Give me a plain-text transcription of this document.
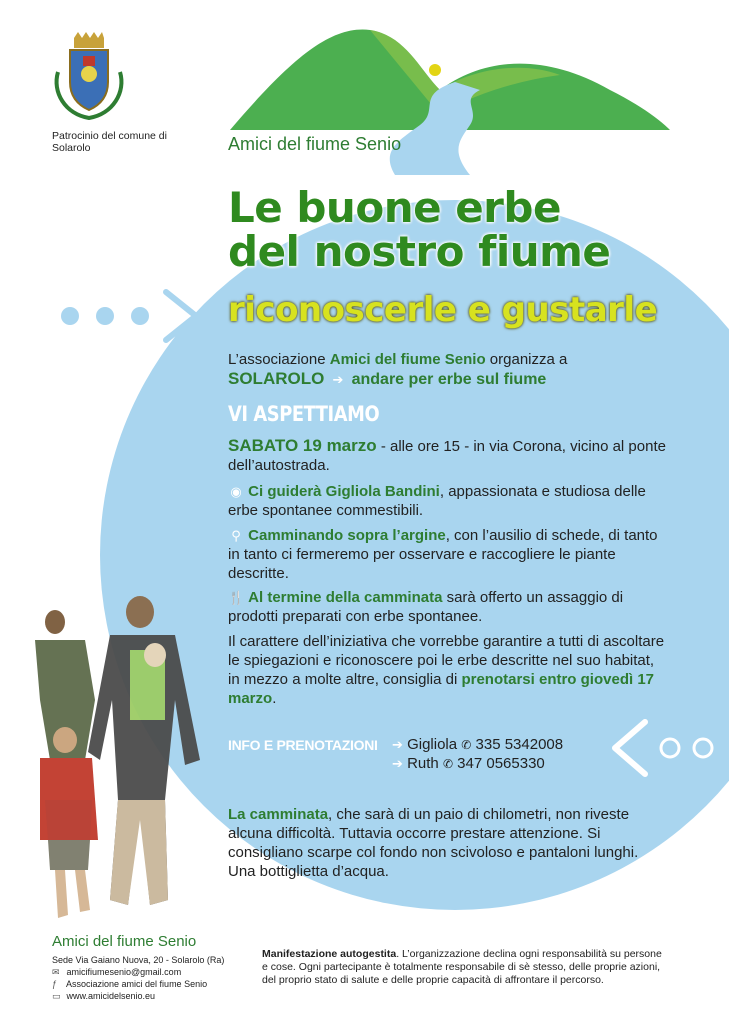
Patrocinio del comune di Solarolo	Amici del fiume Senio
Le buone erbe
del nostro fiume
riconoscerle e gustarle
L’associazione Amici del fiume Senio organizza a
SOLAROLO ➔ andare per erbe sul fiume
VI ASPETTIAMO
SABATO 19 marzo - alle ore 15 - in via Corona, vicino al ponte dell’autostrada.
◉ Ci guiderà Gigliola Bandini, appassionata e studiosa delle erbe spontanee commestibili.
⚲ Camminando sopra l’argine, con l’ausilio di schede, di tanto in tanto ci fermeremo per osservare e raccogliere le piante descritte.
🍴 Al termine della camminata sarà offerto un assaggio di prodotti preparati con erbe spontanee.
Il carattere dell’iniziativa che vorrebbe garantire a tutti di ascoltare le spiegazioni e riconoscere poi le erbe descritte nel suo habitat, in mezzo a molte altre, consiglia di prenotarsi entro giovedì 17 marzo.
INFO E PRENOTAZIONI ➔ Gigliola ✆ 335 5342008
➔ Ruth ✆ 347 0565330
La camminata, che sarà di un paio di chilometri, non riveste alcuna difficoltà. Tuttavia occorre prestare attenzione. Si consigliano scarpe col fondo non scivoloso e pantaloni lunghi. Una bottiglietta d’acqua.
Amici del fiume Senio
Sede Via Gaiano Nuova, 20 - Solarolo (Ra)
✉ amicifiumesenio@gmail.com
ƒ Associazione amici del fiume Senio
▭ www.amicidelsenio.eu
Manifestazione autogestita. L’organizzazione declina ogni responsabilità su persone e cose. Ogni partecipante è totalmente responsabile di sè stesso, delle proprie azioni, del proprio stato di salute e delle proprie capacità di affrontare il percorso.
